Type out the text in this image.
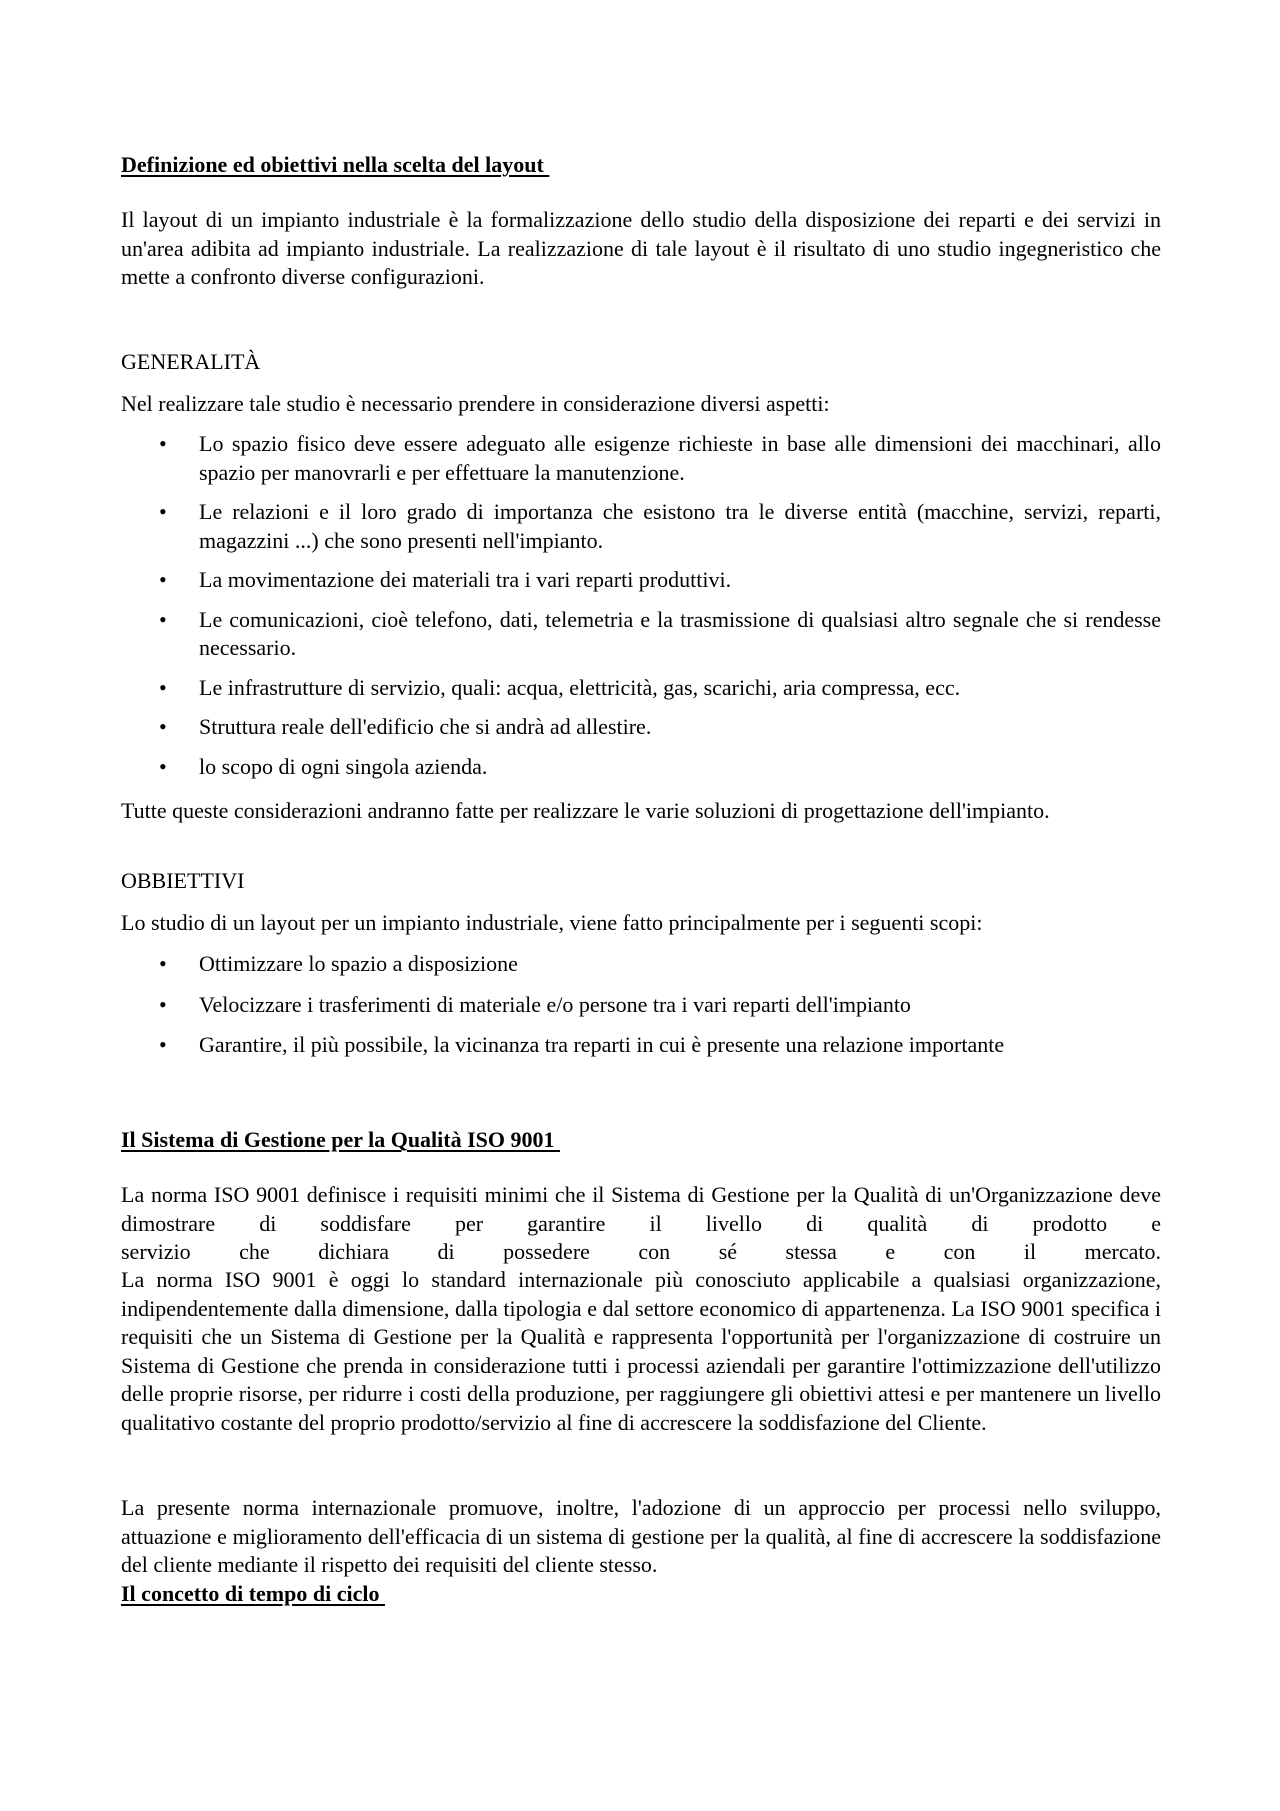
Definizione ed obiettivi nella scelta del layout

Il layout di un impianto industriale è la formalizzazione dello studio della disposizione dei reparti e dei servizi in un'area adibita ad impianto industriale. La realizzazione di tale layout è il risultato di uno studio ingegneristico che mette a confronto diverse configurazioni.

GENERALITÀ

Nel realizzare tale studio è necessario prendere in considerazione diversi aspetti:

• Lo spazio fisico deve essere adeguato alle esigenze richieste in base alle dimensioni dei macchinari, allo spazio per manovrarli e per effettuare la manutenzione.
• Le relazioni e il loro grado di importanza che esistono tra le diverse entità (macchine, servizi, reparti, magazzini ...) che sono presenti nell'impianto.
• La movimentazione dei materiali tra i vari reparti produttivi.
• Le comunicazioni, cioè telefono, dati, telemetria e la trasmissione di qualsiasi altro segnale che si rendesse necessario.
• Le infrastrutture di servizio, quali: acqua, elettricità, gas, scarichi, aria compressa, ecc.
• Struttura reale dell'edificio che si andrà ad allestire.
• lo scopo di ogni singola azienda.

Tutte queste considerazioni andranno fatte per realizzare le varie soluzioni di progettazione dell'impianto.

OBBIETTIVI

Lo studio di un layout per un impianto industriale, viene fatto principalmente per i seguenti scopi:

• Ottimizzare lo spazio a disposizione
• Velocizzare i trasferimenti di materiale e/o persone tra i vari reparti dell'impianto
• Garantire, il più possibile, la vicinanza tra reparti in cui è presente una relazione importante
Il Sistema di Gestione per la Qualità ISO 9001

La norma ISO 9001 definisce i requisiti minimi che il Sistema di Gestione per la Qualità di un'Organizzazione deve dimostrare di soddisfare per garantire il livello di qualità di prodotto e

servizio che dichiara di possedere con sé stessa e con il mercato.

La norma ISO 9001 è oggi lo standard internazionale più conosciuto applicabile a qualsiasi organizzazione, indipendentemente dalla dimensione, dalla tipologia e dal settore economico di appartenenza. La ISO 9001 specifica i requisiti che un Sistema di Gestione per la Qualità e rappresenta l'opportunità per l'organizzazione di costruire un Sistema di Gestione che prenda in considerazione tutti i processi aziendali per garantire l'ottimizzazione dell'utilizzo delle proprie risorse, per ridurre i costi della produzione, per raggiungere gli obiettivi attesi e per mantenere un livello qualitativo costante del proprio prodotto/servizio al fine di accrescere la soddisfazione del Cliente.

La presente norma internazionale promuove, inoltre, l'adozione di un approccio per processi nello sviluppo, attuazione e miglioramento dell'efficacia di un sistema di gestione per la qualità, al fine di accrescere la soddisfazione del cliente mediante il rispetto dei requisiti del cliente stesso.

Il concetto di tempo di ciclo
